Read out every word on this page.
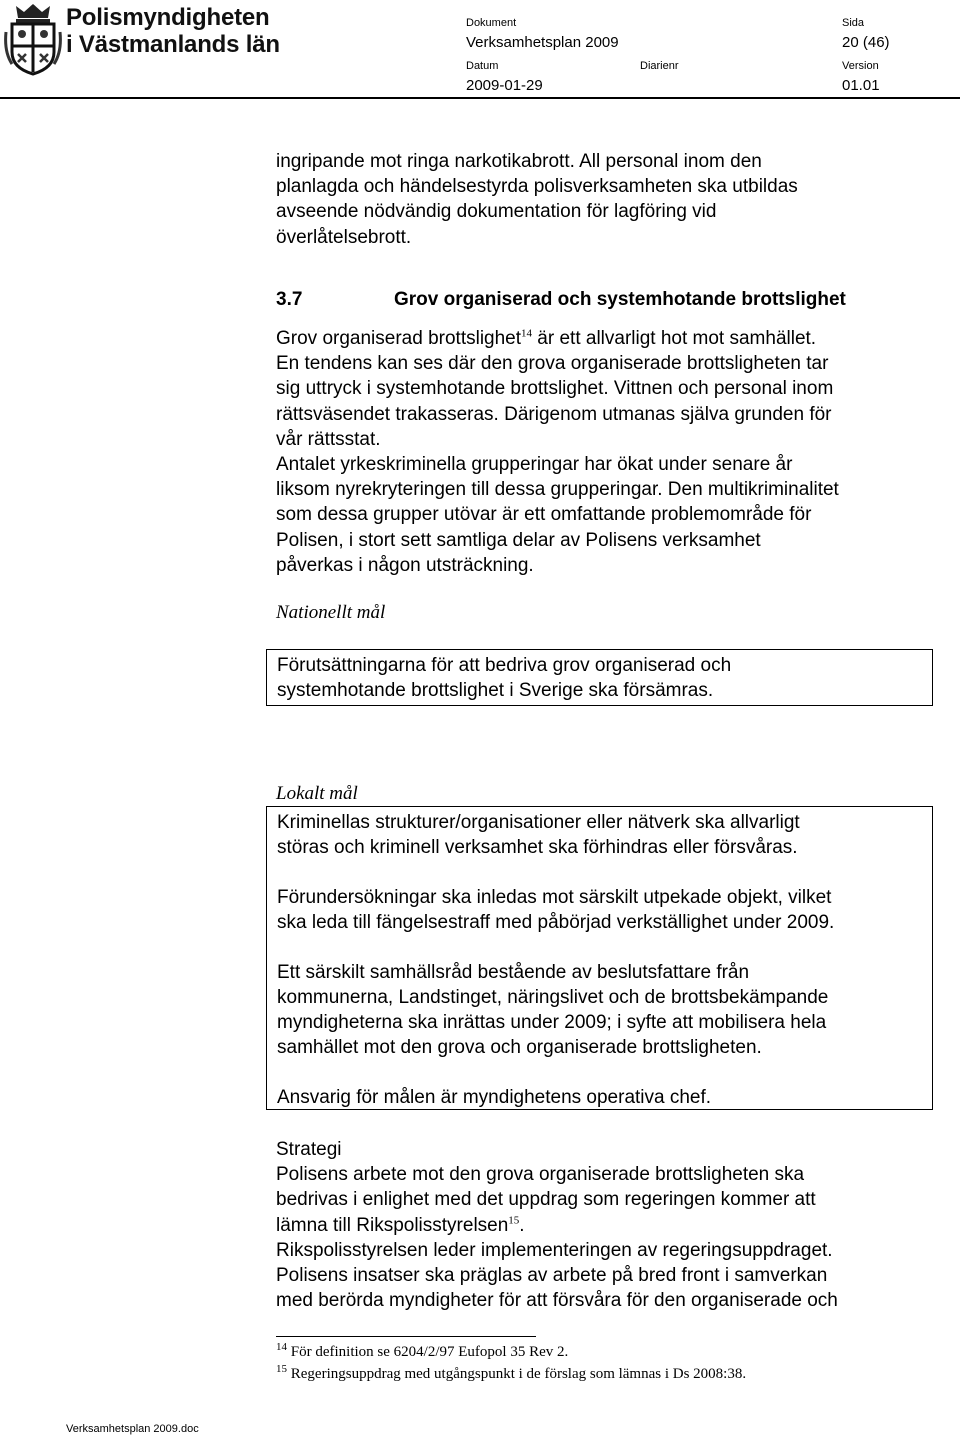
Polismyndigheten
i Västmanlands län
Dokument
Verksamhetsplan 2009
Sida
20 (46)
Datum
2009-01-29
Diarienr	Version
01.01
ingripande mot ringa narkotikabrott. All personal inom den
planlagda och händelsestyrda polisverksamheten ska utbildas
avseende nödvändig dokumentation för lagföring vid
överlåtelsebrott.
3.7	Grov organiserad och systemhotande brottslighet
Grov organiserad brottslighet$^{14}$ är ett allvarligt hot mot samhället.
En tendens kan ses där den grova organiserade brottsligheten tar
sig uttryck i systemhotande brottslighet. Vittnen och personal inom
rättsväsendet trakasseras. Därigenom utmanas själva grunden för
vår rättsstat.
Antalet yrkeskriminella grupperingar har ökat under senare år
liksom nyrekryteringen till dessa grupperingar. Den multikriminalitet
som dessa grupper utövar är ett omfattande problemområde för
Polisen, i stort sett samtliga delar av Polisens verksamhet
påverkas i någon utsträckning.
Nationellt mål
Förutsättningarna för att bedriva grov organiserad och
systemhotande brottslighet i Sverige ska försämras.
Lokalt mål
Kriminellas strukturer/organisationer eller nätverk ska allvarligt
störas och kriminell verksamhet ska förhindras eller försvåras.
Förundersökningar ska inledas mot särskilt utpekade objekt, vilket
ska leda till fängelsestraff med påbörjad verkställighet under 2009.
Ett särskilt samhällsråd bestående av beslutsfattare från
kommunerna, Landstinget, näringslivet och de brottsbekämpande
myndigheterna ska inrättas under 2009; i syfte att mobilisera hela
samhället mot den grova och organiserade brottsligheten.
Ansvarig för målen är myndighetens operativa chef.
Strategi
Polisens arbete mot den grova organiserade brottsligheten ska
bedrivas i enlighet med det uppdrag som regeringen kommer att
lämna till Rikspolisstyrelsen$^{15}$.
Rikspolisstyrelsen leder implementeringen av regeringsuppdraget.
Polisens insatser ska präglas av arbete på bred front i samverkan
med berörda myndigheter för att försvåra för den organiserade och
$^{14}$ För definition se 6204/2/97 Eufopol 35 Rev 2.
$^{15}$ Regeringsuppdrag med utgångspunkt i de förslag som lämnas i Ds 2008:38.
Verksamhetsplan 2009.doc
